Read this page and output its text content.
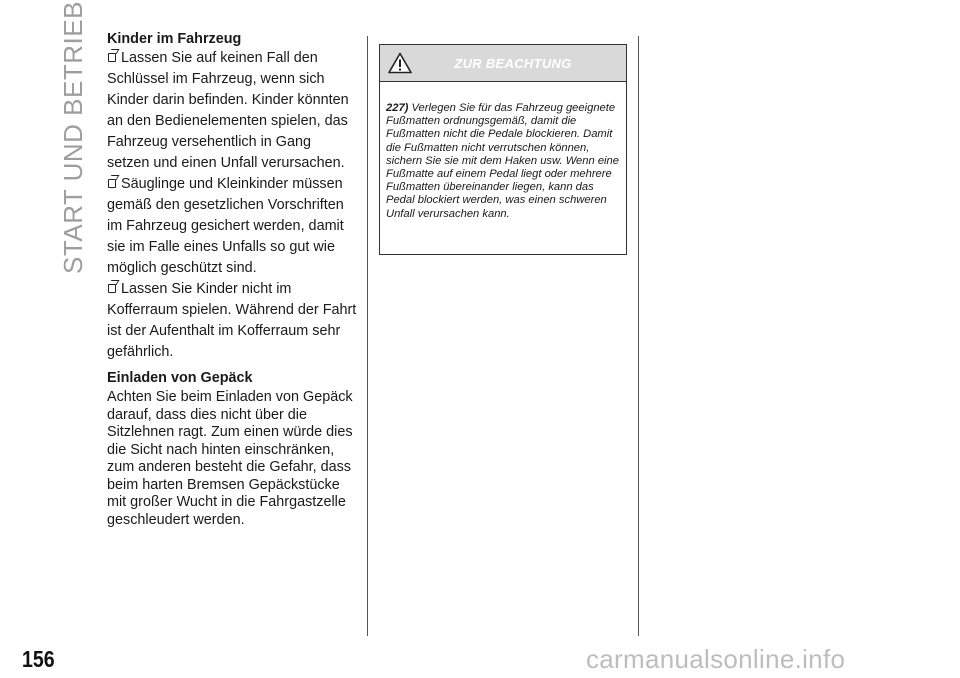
START UND BETRIEB Kinder im Fahrzeug

Lassen Sie auf keinen Fall den Schlüssel im Fahrzeug, wenn sich Kinder darin befinden. Kinder könnten an den Bedienelementen spielen, das Fahrzeug versehentlich in Gang setzen und einen Unfall verursachen.

Säuglinge und Kleinkinder müssen gemäß den gesetzlichen Vorschriften im Fahrzeug gesichert werden, damit sie im Falle eines Unfalls so gut wie möglich geschützt sind.

Lassen Sie Kinder nicht im Kofferraum spielen. Während der Fahrt ist der Aufenthalt im Kofferraum sehr gefährlich.

Einladen von Gepäck

Achten Sie beim Einladen von Gepäck darauf, dass dies nicht über die Sitzlehnen ragt. Zum einen würde dies die Sicht nach hinten einschränken, zum anderen besteht die Gefahr, dass beim harten Bremsen Gepäckstücke mit großer Wucht in die Fahrgastzelle geschleudert werden.

ZUR BEACHTUNG
227) Verlegen Sie für das Fahrzeug geeignete Fußmatten ordnungsgemäß, damit die Fußmatten nicht die Pedale blockieren. Damit die Fußmatten nicht verrutschen können, sichern Sie sie mit dem Haken usw. Wenn eine Fußmatte auf einem Pedal liegt oder mehrere Fußmatten übereinander liegen, kann das Pedal blockiert werden, was einen schweren Unfall verursachen kann.
156	carmanualsonline.info
